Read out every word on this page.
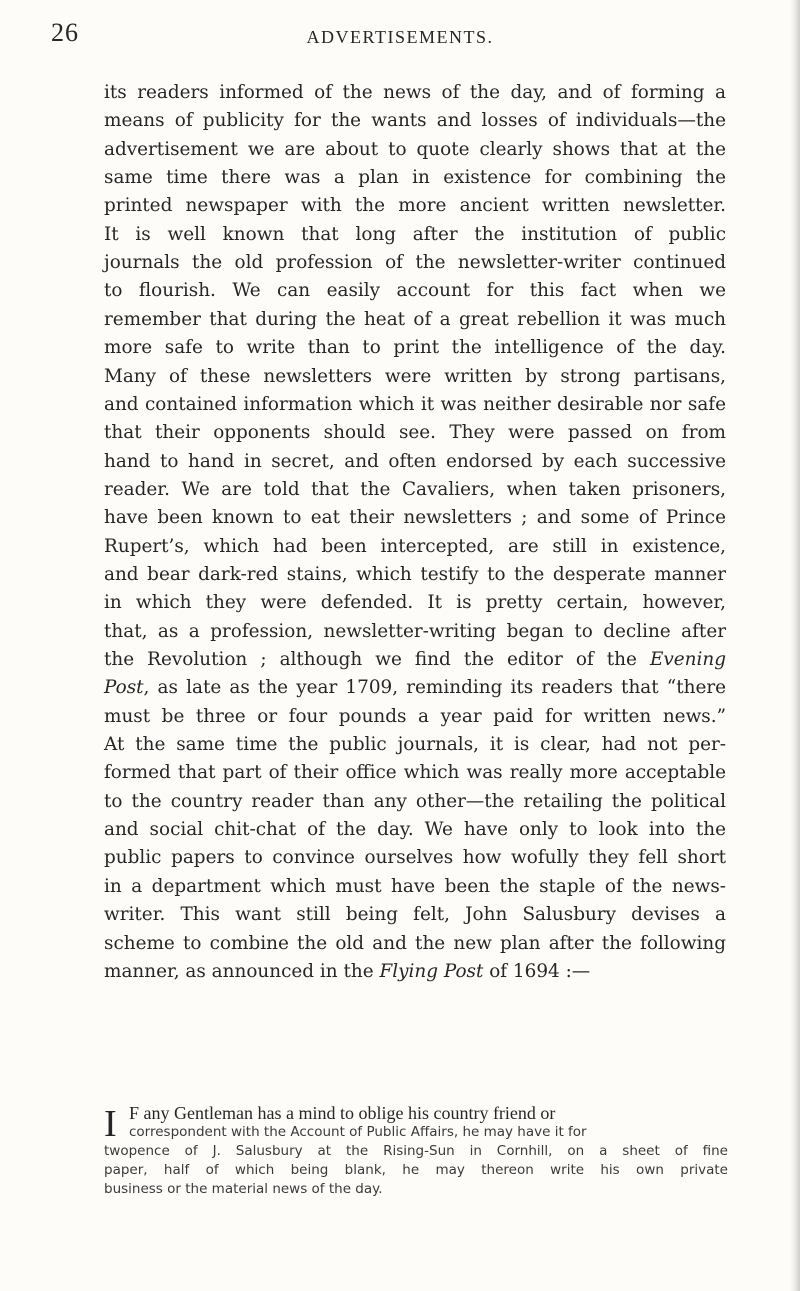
26	ADVERTISEMENTS.
its readers informed of the news of the day, and of forming a
means of publicity for the wants and losses of individuals—the
advertisement we are about to quote clearly shows that at the
same time there was a plan in existence for combining the
printed newspaper with the more ancient written newsletter.
It is well known that long after the institution of public
journals the old profession of the newsletter-writer continued
to flourish. We can easily account for this fact when we
remember that during the heat of a great rebellion it was much
more safe to write than to print the intelligence of the day.
Many of these newsletters were written by strong partisans,
and contained information which it was neither desirable nor safe
that their opponents should see. They were passed on from
hand to hand in secret, and often endorsed by each successive
reader. We are told that the Cavaliers, when taken prisoners,
have been known to eat their newsletters ; and some of Prince
Rupert’s, which had been intercepted, are still in existence,
and bear dark-red stains, which testify to the desperate manner
in which they were defended. It is pretty certain, however,
that, as a profession, newsletter-writing began to decline after
the Revolution ; although we find the editor of the Evening
Post, as late as the year 1709, reminding its readers that “there
must be three or four pounds a year paid for written news.”
At the same time the public journals, it is clear, had not per-
formed that part of their office which was really more acceptable
to the country reader than any other—the retailing the political
and social chit-chat of the day. We have only to look into the
public papers to convince ourselves how wofully they fell short
in a department which must have been the staple of the news-
writer. This want still being felt, John Salusbury devises a
scheme to combine the old and the new plan after the following
manner, as announced in the Flying Post of 1694 :—
I F any Gentleman has a mind to oblige his country friend or
correspondent with the Account of Public Affairs, he may have it for
twopence of J. Salusbury at the Rising-Sun in Cornhill, on a sheet of fine
paper, half of which being blank, he may thereon write his own private
business or the material news of the day.
